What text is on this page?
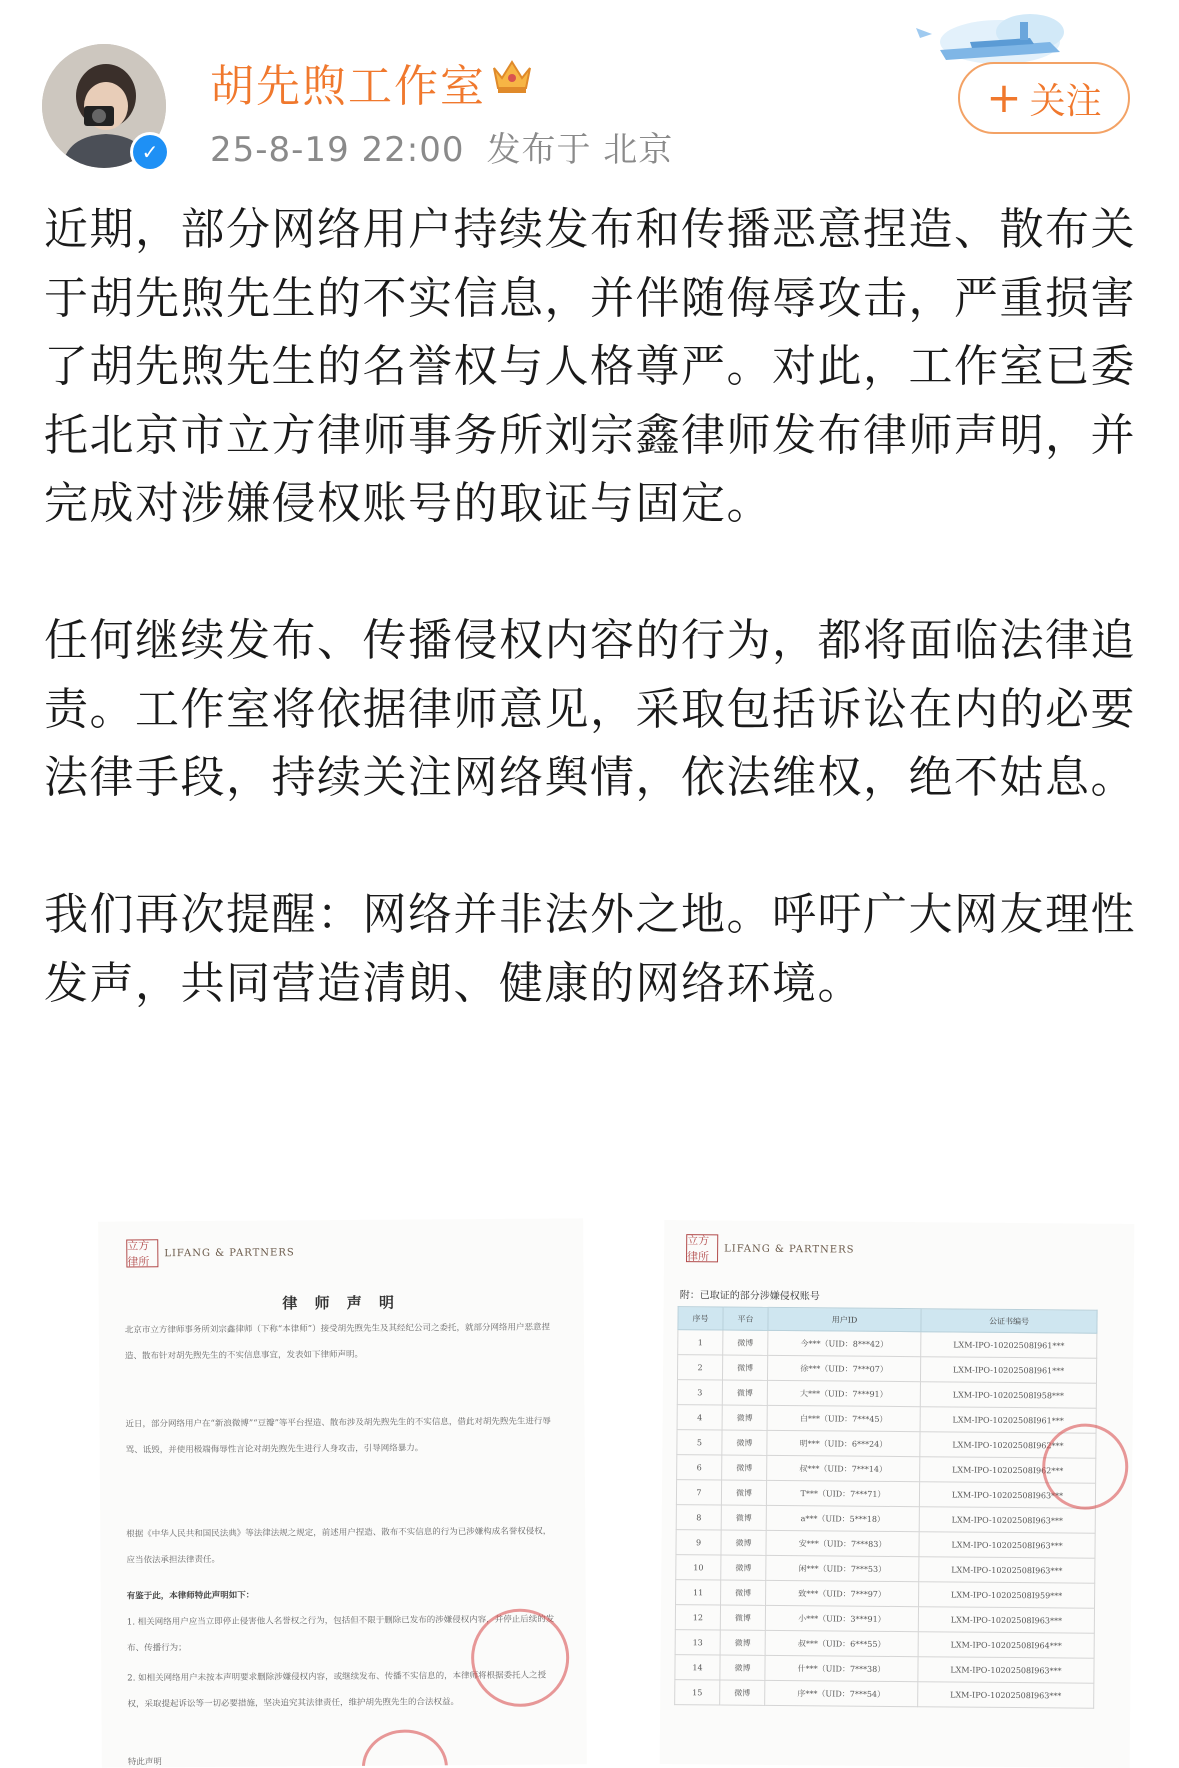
✓
胡先煦工作室
25-8-19 22:00 发布于 北京
+ 关注

近期，部分网络用户持续发布和传播恶意捏造、散布关于胡先煦先生的不实信息，并伴随侮辱攻击，严重损害了胡先煦先生的名誉权与人格尊严。对此，工作室已委托北京市立方律师事务所刘宗鑫律师发布律师声明，并完成对涉嫌侵权账号的取证与固定。

任何继续发布、传播侵权内容的行为，都将面临法律追责。工作室将依据律师意见，采取包括诉讼在内的必要法律手段，持续关注网络舆情，依法维权，绝不姑息。

我们再次提醒：网络并非法外之地。呼吁广大网友理性发声，共同营造清朗、健康的网络环境。

立方律所
LIFANG & PARTNERS
律 师 声 明
北京市立方律师事务所刘宗鑫律师（下称“本律师”）接受胡先煦先生及其经纪公司之委托，就部分网络用户恶意捏造、散布针对胡先煦先生的不实信息事宜，发表如下律师声明。
近日，部分网络用户在“新浪微博”“豆瓣”等平台捏造、散布涉及胡先煦先生的不实信息，借此对胡先煦先生进行辱骂、诋毁，并使用极端侮辱性言论对胡先煦先生进行人身攻击，引导网络暴力。
根据《中华人民共和国民法典》等法律法规之规定，前述用户捏造、散布不实信息的行为已涉嫌构成名誉权侵权，应当依法承担法律责任。
有鉴于此，本律师特此声明如下：
1. 相关网络用户应当立即停止侵害他人名誉权之行为，包括但不限于删除已发布的涉嫌侵权内容，并停止后续的发布、传播行为；
2. 如相关网络用户未按本声明要求删除涉嫌侵权内容，或继续发布、传播不实信息的，本律师将根据委托人之授权，采取提起诉讼等一切必要措施，坚决追究其法律责任，维护胡先煦先生的合法权益。
特此声明
立方律所
LIFANG & PARTNERS
附：已取证的部分涉嫌侵权账号
序号	平台	用户ID	公证书编号
1	微博	今***（UID：8***42）	LXM-IPO-10202508I961***
2	微博	徐***（UID：7***07）	LXM-IPO-10202508I961***
3	微博	大***（UID：7***91）	LXM-IPO-10202508I958***
4	微博	白***（UID：7***45）	LXM-IPO-10202508I961***
5	微博	明***（UID：6***24）	LXM-IPO-10202508I962***
6	微博	叔***（UID：7***14）	LXM-IPO-10202508I962***
7	微博	T***（UID：7***71）	LXM-IPO-10202508I963***
8	微博	a***（UID：5***18）	LXM-IPO-10202508I963***
9	微博	安***（UID：7***83）	LXM-IPO-10202508I963***
10	微博	闲***（UID：7***53）	LXM-IPO-10202508I963***
11	微博	致***（UID：7***97）	LXM-IPO-10202508I959***
12	微博	小***（UID：3***91）	LXM-IPO-10202508I963***
13	微博	叔***（UID：6***55）	LXM-IPO-10202508I964***
14	微博	什***（UID：7***38）	LXM-IPO-10202508I963***
15	微博	序***（UID：7***54）	LXM-IPO-10202508I963***
